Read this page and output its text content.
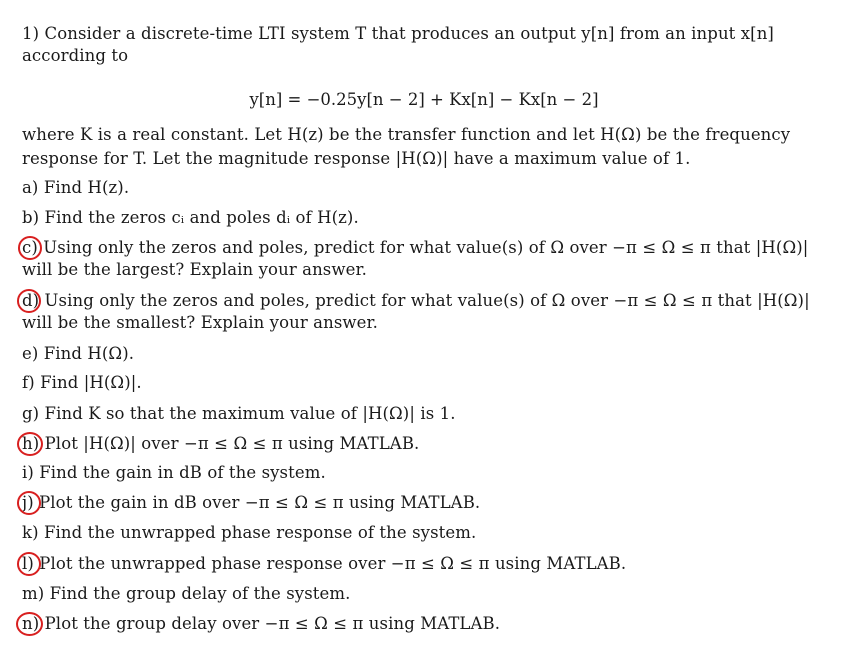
1) Consider a discrete-time LTI system T that produces an output y[n] from an input x[n]
according to
y[n] = −0.25y[n − 2] + Kx[n] − Kx[n − 2]
where K is a real constant. Let H(z) be the transfer function and let H(Ω) be the frequency
response for T. Let the magnitude response |H(Ω)| have a maximum value of 1.
a) Find H(z).
b) Find the zeros cᵢ and poles dᵢ of H(z).
c) Using only the zeros and poles, predict for what value(s) of Ω over −π ≤ Ω ≤ π that |H(Ω)|
will be the largest? Explain your answer.
d) Using only the zeros and poles, predict for what value(s) of Ω over −π ≤ Ω ≤ π that |H(Ω)|
will be the smallest? Explain your answer.
e) Find H(Ω).
f) Find |H(Ω)|.
g) Find K so that the maximum value of |H(Ω)| is 1.
h) Plot |H(Ω)| over −π ≤ Ω ≤ π using MATLAB.
i) Find the gain in dB of the system.
j) Plot the gain in dB over −π ≤ Ω ≤ π using MATLAB.
k) Find the unwrapped phase response of the system.
l) Plot the unwrapped phase response over −π ≤ Ω ≤ π using MATLAB.
m) Find the group delay of the system.
n) Plot the group delay over −π ≤ Ω ≤ π using MATLAB.
